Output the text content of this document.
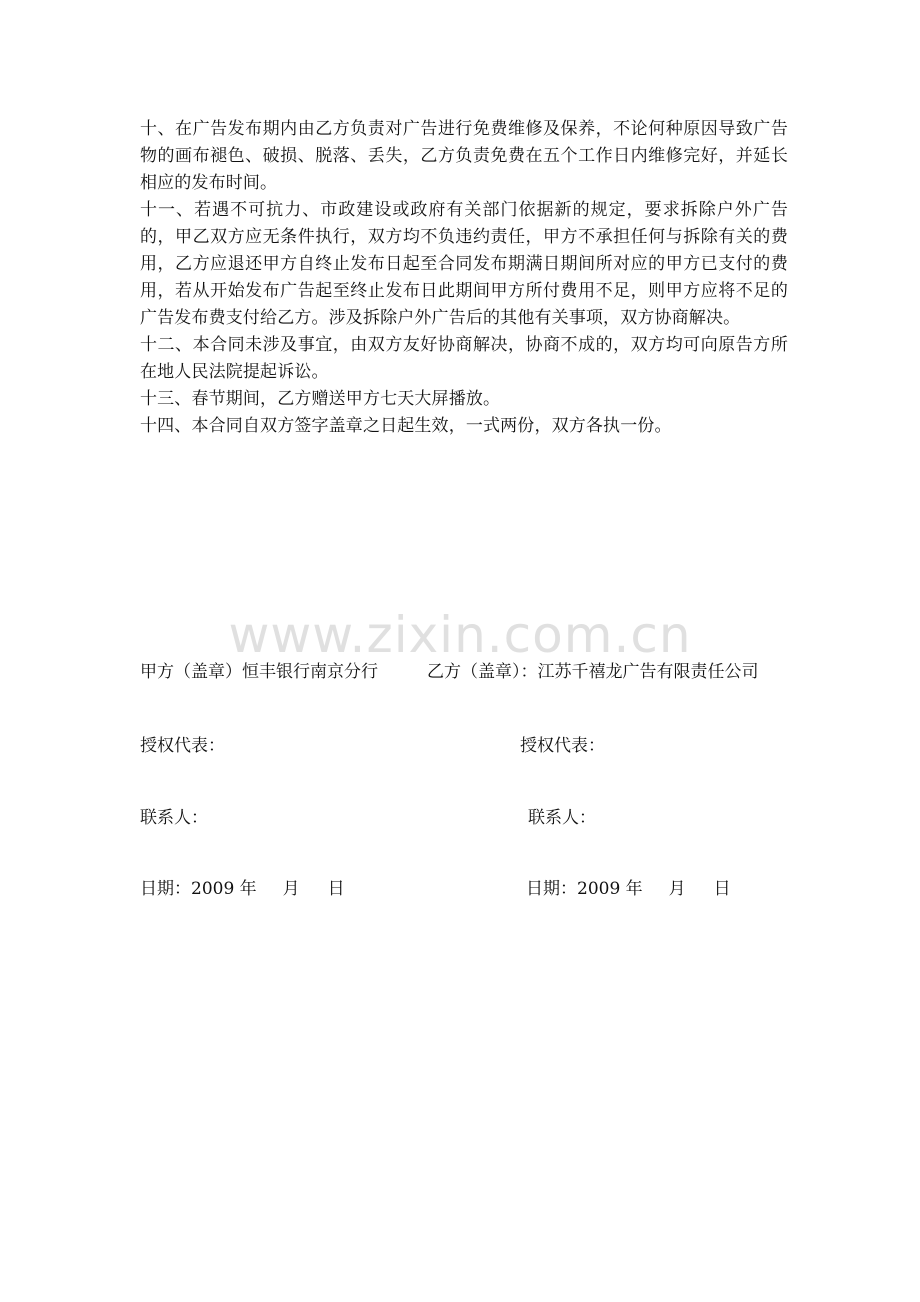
十、在广告发布期内由乙方负责对广告进行免费维修及保养，不论何种原因导致广告物的画布褪色、破损、脱落、丢失，乙方负责免费在五个工作日内维修完好，并延长相应的发布时间。

十一、若遇不可抗力、市政建设或政府有关部门依据新的规定，要求拆除户外广告的，甲乙双方应无条件执行，双方均不负违约责任，甲方不承担任何与拆除有关的费用，乙方应退还甲方自终止发布日起至合同发布期满日期间所对应的甲方已支付的费用，若从开始发布广告起至终止发布日此期间甲方所付费用不足，则甲方应将不足的广告发布费支付给乙方。涉及拆除户外广告后的其他有关事项，双方协商解决。

十二、本合同未涉及事宜，由双方友好协商解决，协商不成的，双方均可向原告方所在地人民法院提起诉讼。

十三、春节期间，乙方赠送甲方七天大屏播放。

十四、本合同自双方签字盖章之日起生效，一式两份，双方各执一份。

www.zixin.com.cn
甲方（盖章）恒丰银行南京分行	乙方（盖章）：江苏千禧龙广告有限责任公司
授权代表：	授权代表：
联系人：	联系人：
日期：2009 年 月 日	日期：2009 年 月 日
